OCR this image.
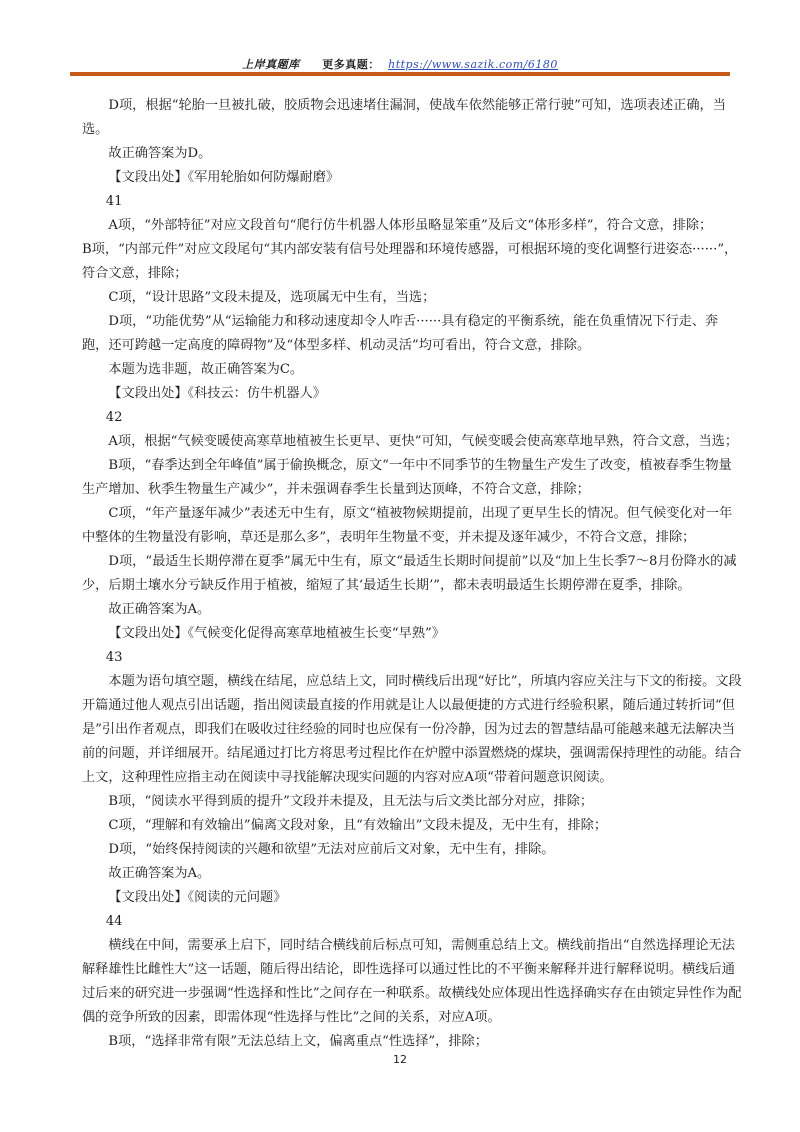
上岸真题库 更多真题： https://www.sazik.com/6180

D项，根据“轮胎一旦被扎破，胶质物会迅速堵住漏洞，使战车依然能够正常行驶”可知，选项表述正确，当选。

故正确答案为D。

【文段出处】《军用轮胎如何防爆耐磨》

41

A项，“外部特征”对应文段首句“爬行仿牛机器人体形虽略显笨重”及后文“体形多样”，符合文意，排除；

B项，“内部元件”对应文段尾句“其内部安装有信号处理器和环境传感器，可根据环境的变化调整行进姿态······”，符合文意，排除；

C项，“设计思路”文段未提及，选项属无中生有，当选；

D项，“功能优势”从“运输能力和移动速度却令人咋舌······具有稳定的平衡系统，能在负重情况下行走、奔跑，还可跨越一定高度的障碍物”及“体型多样、机动灵活”均可看出，符合文意，排除。

本题为选非题，故正确答案为C。

【文段出处】《科技云：仿牛机器人》

42

A项，根据“气候变暖使高寒草地植被生长更早、更快”可知，气候变暖会使高寒草地早熟，符合文意，当选；

B项，“春季达到全年峰值”属于偷换概念，原文“一年中不同季节的生物量生产发生了改变，植被春季生物量生产增加、秋季生物量生产减少”，并未强调春季生长量到达顶峰，不符合文意，排除；

C项，“年产量逐年减少”表述无中生有，原文“植被物候期提前，出现了更早生长的情况。但气候变化对一年中整体的生物量没有影响，草还是那么多”，表明年生物量不变，并未提及逐年减少，不符合文意，排除；

D项，“最适生长期停滞在夏季”属无中生有，原文“最适生长期时间提前”以及“加上生长季7～8月份降水的减少，后期土壤水分亏缺反作用于植被，缩短了其‘最适生长期’”，都未表明最适生长期停滞在夏季，排除。

故正确答案为A。

【文段出处】《气候变化促得高寒草地植被生长变“早熟”》

43

本题为语句填空题，横线在结尾，应总结上文，同时横线后出现“好比”，所填内容应关注与下文的衔接。文段开篇通过他人观点引出话题，指出阅读最直接的作用就是让人以最便捷的方式进行经验积累，随后通过转折词“但是”引出作者观点，即我们在吸收过往经验的同时也应保有一份冷静，因为过去的智慧结晶可能越来越无法解决当前的问题，并详细展开。结尾通过打比方将思考过程比作在炉膛中添置燃烧的煤块，强调需保持理性的动能。结合上文，这种理性应指主动在阅读中寻找能解决现实问题的内容对应A项“带着问题意识阅读。

B项，“阅读水平得到质的提升”文段并未提及，且无法与后文类比部分对应，排除；

C项，“理解和有效输出”偏离文段对象，且“有效输出”文段未提及，无中生有，排除；

D项，“始终保持阅读的兴趣和欲望”无法对应前后文对象，无中生有，排除。

故正确答案为A。

【文段出处】《阅读的元问题》

44

横线在中间，需要承上启下，同时结合横线前后标点可知，需侧重总结上文。横线前指出“自然选择理论无法解释雄性比雌性大”这一话题，随后得出结论，即性选择可以通过性比的不平衡来解释并进行解释说明。横线后通过后来的研究进一步强调“性选择和性比”之间存在一种联系。故横线处应体现出性选择确实存在由锁定异性作为配偶的竞争所致的因素，即需体现“性选择与性比”之间的关系，对应A项。

B项，“选择非常有限”无法总结上文，偏离重点“性选择”，排除；

12
